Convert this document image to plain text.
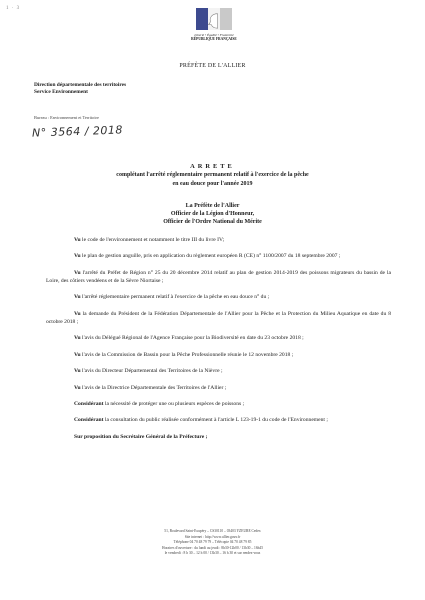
1 · 3
Liberté • Égalité • Fraternité
RÉPUBLIQUE FRANÇAISE
PRÉFÈTE DE L'ALLIER
Direction départementale des territoires
Service Environnement
Bureau : Environnement et Territoire
N° 3564 / 2018
ARRETE
complétant l'arrêté réglementaire permanent relatif à l'exercice de la pêche
en eau douce pour l'année 2019
La Préfète de l'Allier
Officier de la Légion d'Honneur,
Officier de l'Ordre National du Mérite

Vu le code de l'environnement et notamment le titre III du livre IV;

Vu le plan de gestion anguille, pris en application du règlement européen R (CE) n° 1100/2007 du 18 septembre 2007 ;

Vu l'arrêté du Préfet de Région n° 25 du 20 décembre 2014 relatif au plan de gestion 2014-2019 des poissons migrateurs du bassin de la Loire, des côtiers vendéens et de la Sèvre Niortaise ;

Vu l'arrêté réglementaire permanent relatif à l'exercice de la pêche en eau douce n° du ;

Vu la demande du Président de la Fédération Départementale de l'Allier pour la Pêche et la Protection du Milieu Aquatique en date du 8 octobre 2018 ;

Vu l'avis du Délégué Régional de l'Agence Française pour la Biodiversité en date du 23 octobre 2018 ;

Vu l'avis de la Commission de Bassin pour la Pêche Professionnelle réunie le 12 novembre 2018 ;

Vu l'avis du Directeur Départemental des Territoires de la Nièvre ;

Vu l'avis de la Directrice Départementale des Territoires de l'Allier ;

Considérant la nécessité de protéger une ou plusieurs espèces de poissons ;

Considérant la consultation du public réalisée conformément à l'article L 123-19-1 du code de l'Environnement ;

Sur proposition du Secrétaire Général de la Préfecture ;

51, Boulevard Saint-Exupéry – CS30110 – 03403 YZEURE Cedex
Site internet : http://www.allier.gouv.fr
Téléphone 04 70 48 79 79 – Télécopie 04 70 48 79 85
Horaires d'ouverture : du lundi au jeudi : 8h30-12h00 / 13h30 – 16h45
le vendredi : 8 h 30 – 12 h 00 / 13h30 – 16 h 30 et sur rendez-vous
